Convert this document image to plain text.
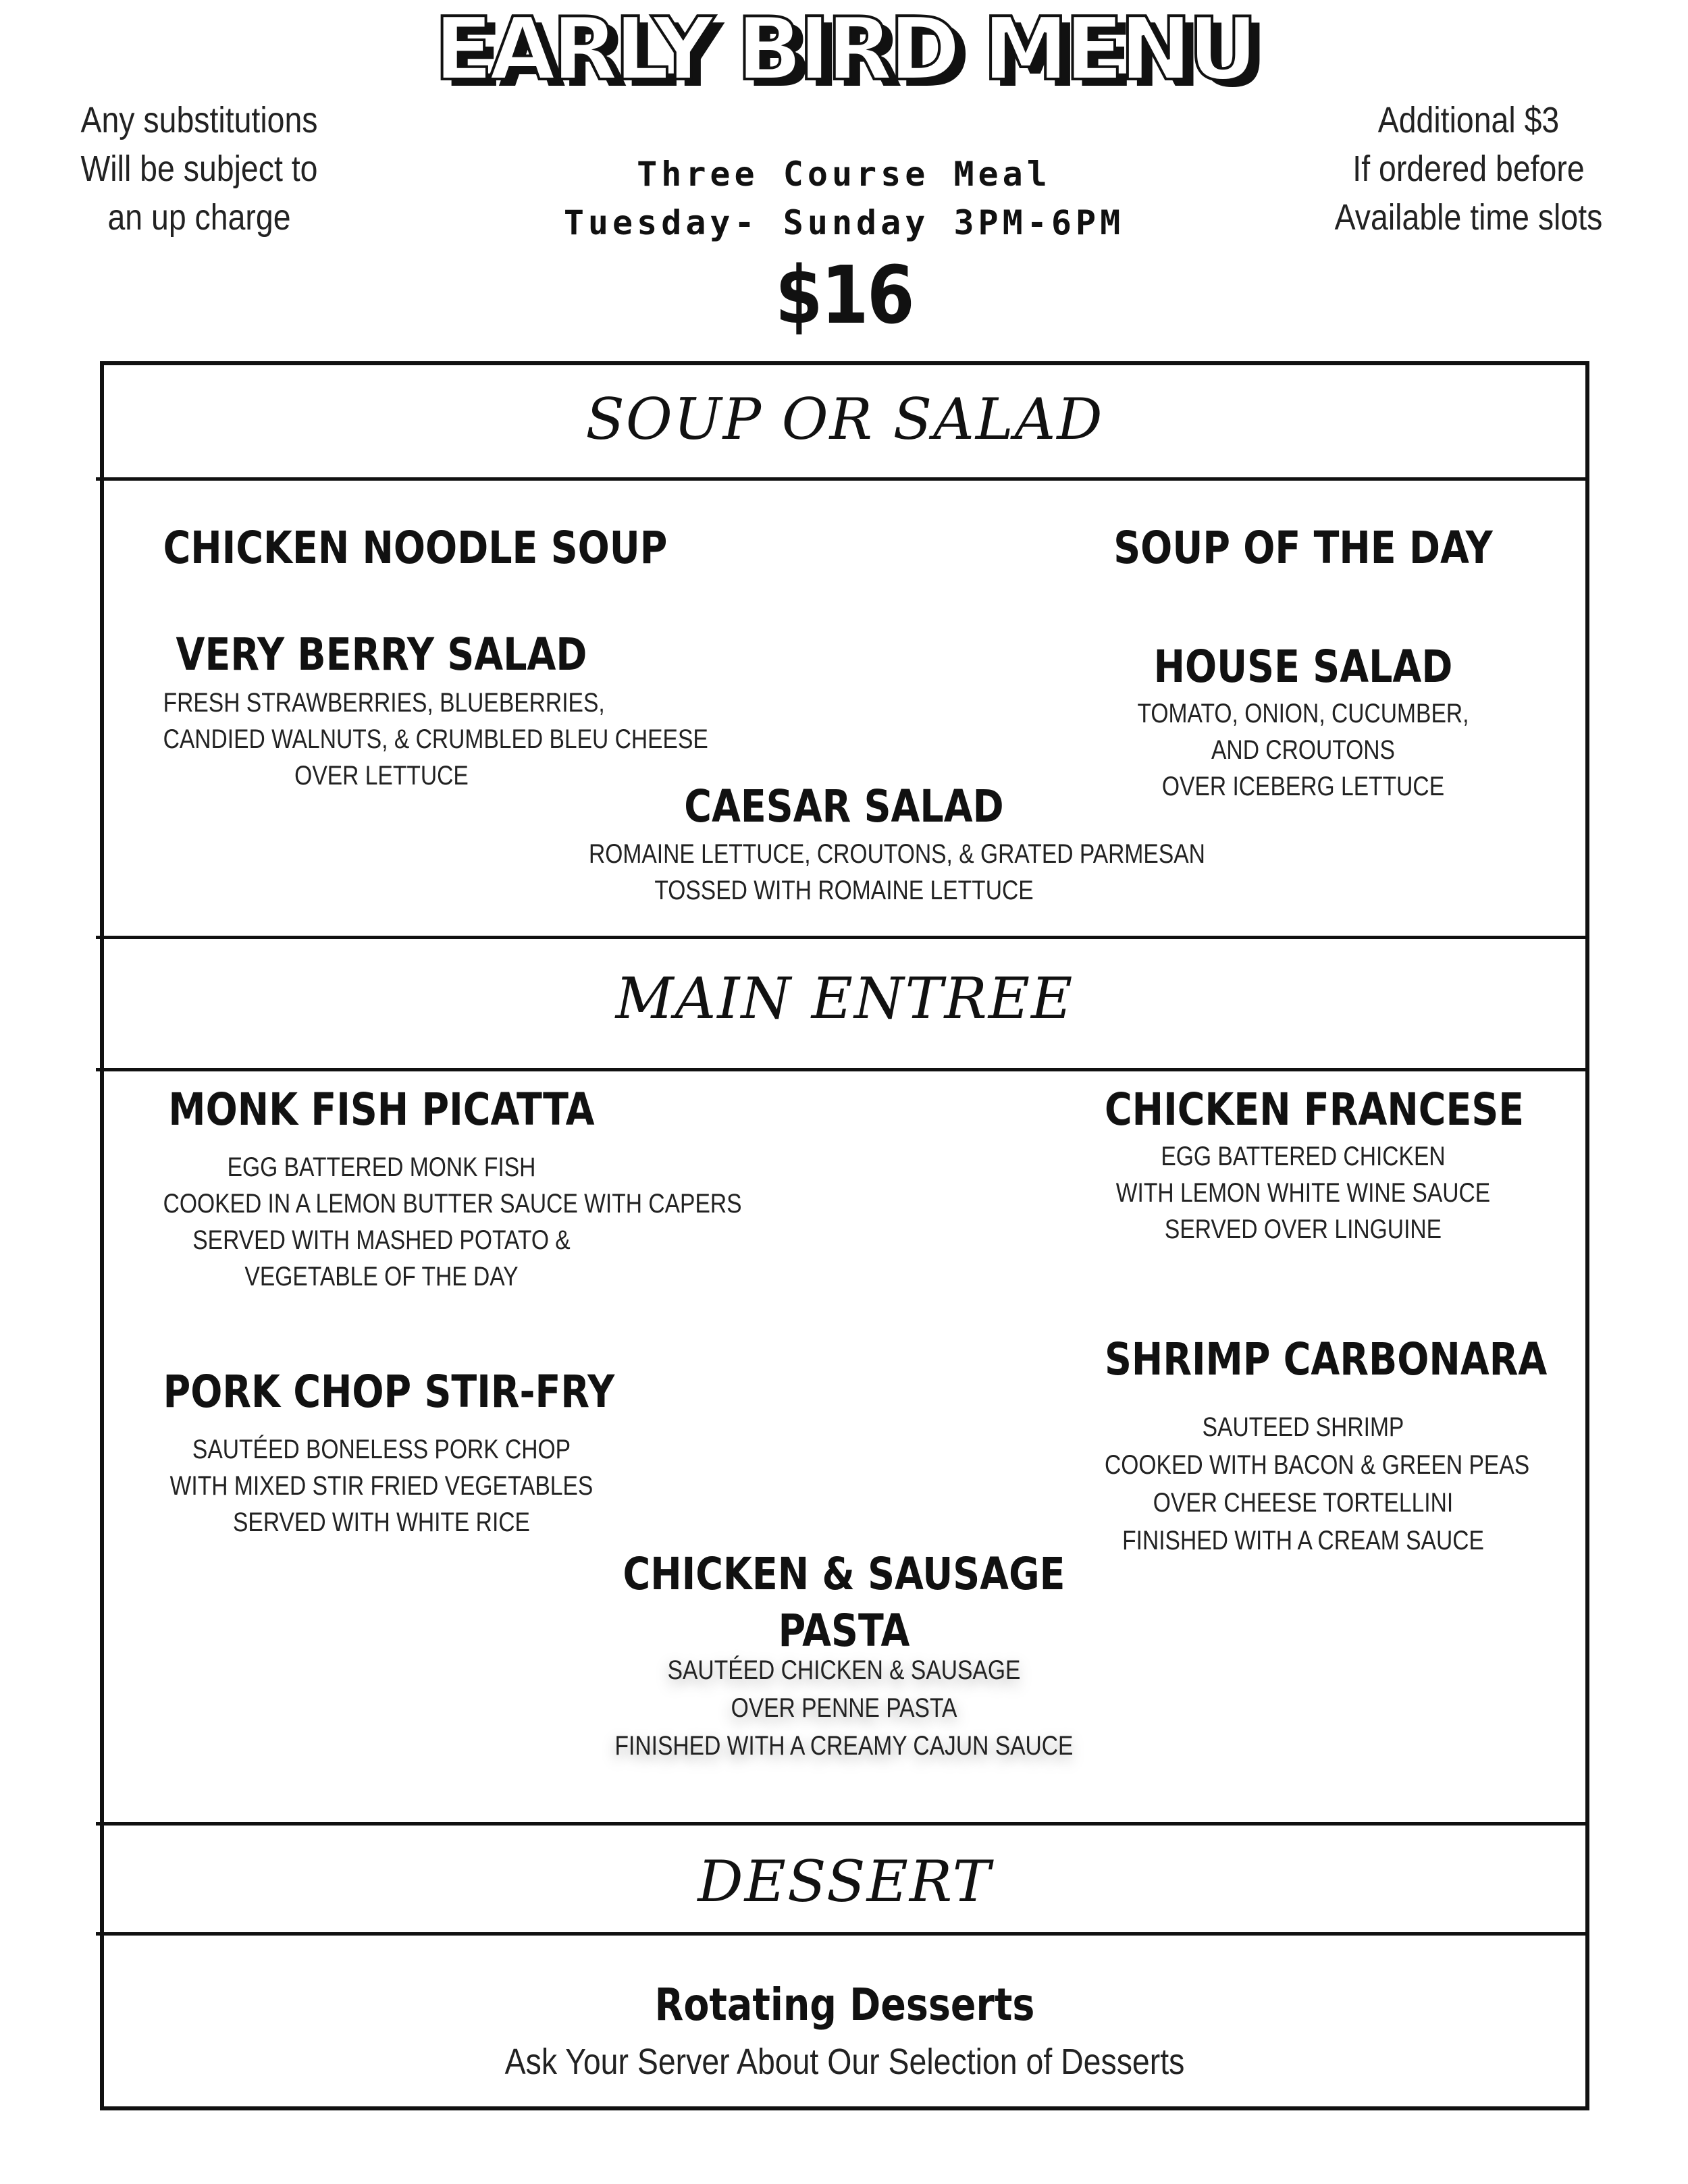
EARLY BIRD MENU
Any substitutions
Will be subject to
an up charge
Additional $3
If ordered before
Available time slots
Three Course Meal
Tuesday- Sunday 3PM-6PM
$16
SOUP OR SALAD
MAIN ENTREE
DESSERT
CHICKEN NOODLE SOUP	SOUP OF THE DAY
VERY BERRY SALAD
FRESH STRAWBERRIES, BLUEBERRIES,
CANDIED WALNUTS, & CRUMBLED BLEU CHEESE
OVER LETTUCE
HOUSE SALAD
TOMATO, ONION, CUCUMBER,
AND CROUTONS
OVER ICEBERG LETTUCE
CAESAR SALAD
ROMAINE LETTUCE, CROUTONS, & GRATED PARMESAN
TOSSED WITH ROMAINE LETTUCE
MONK FISH PICATTA
EGG BATTERED MONK FISH
COOKED IN A LEMON BUTTER SAUCE WITH CAPERS
SERVED WITH MASHED POTATO &
VEGETABLE OF THE DAY
CHICKEN FRANCESE
EGG BATTERED CHICKEN
WITH LEMON WHITE WINE SAUCE
SERVED OVER LINGUINE
PORK CHOP STIR-FRY
SAUTÉED BONELESS PORK CHOP
WITH MIXED STIR FRIED VEGETABLES
SERVED WITH WHITE RICE
SHRIMP CARBONARA
SAUTEED SHRIMP
COOKED WITH BACON & GREEN PEAS
OVER CHEESE TORTELLINI
FINISHED WITH A CREAM SAUCE
CHICKEN & SAUSAGE
PASTA
SAUTÉED CHICKEN & SAUSAGE
OVER PENNE PASTA
FINISHED WITH A CREAMY CAJUN SAUCE
Rotating Desserts
Ask Your Server About Our Selection of Desserts
